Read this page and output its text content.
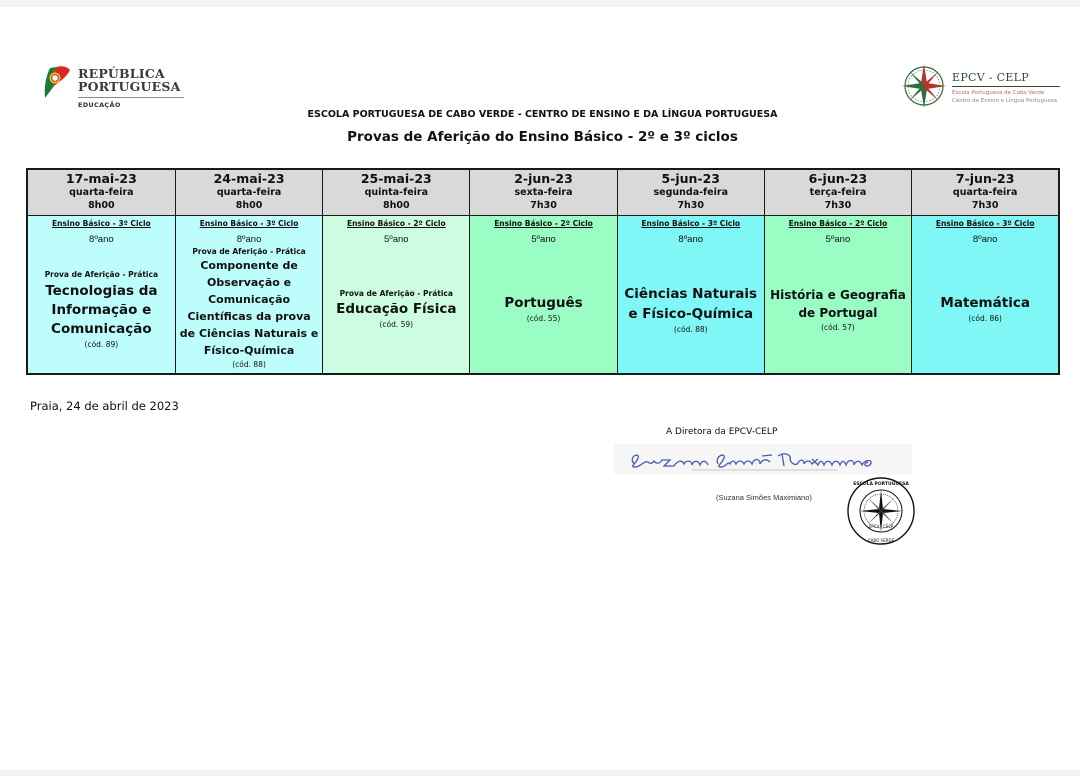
REPÚBLICA
PORTUGUESA
EDUCAÇÃO
EPCV - CELP
Escola Portuguesa de Cabo Verde
Centro de Ensino e Língua Portuguesa
ESCOLA PORTUGUESA DE CABO VERDE - CENTRO DE ENSINO E DA LÍNGUA PORTUGUESA
Provas de Aferição do Ensino Básico - 2º e 3º ciclos
17-mai-23
quarta-feira
8h00
Ensino Básico - 3º Ciclo
8ºano
Prova de Aferição - Prática
Tecnologias da Informação e Comunicação
(cód. 89)
24-mai-23
quarta-feira
8h00
Ensino Básico - 3º Ciclo
8ºano
Prova de Aferição - Prática
Componente de Observação e Comunicação Científicas da prova de Ciências Naturais e Físico-Química
(cód. 88)
25-mai-23
quinta-feira
8h00
Ensino Básico - 2º Ciclo
5ºano
Prova de Aferição - Prática
Educação Física
(cód. 59)
2-jun-23
sexta-feira
7h30
Ensino Básico - 2º Ciclo
5ºano
Português
(cód. 55)
5-jun-23
segunda-feira
7h30
Ensino Básico - 3º Ciclo
8ºano
Ciências Naturais e Físico-Química
(cód. 88)
6-jun-23
terça-feira
7h30
Ensino Básico - 2º Ciclo
5ºano
História e Geografia de Portugal
(cód. 57)
7-jun-23
quarta-feira
7h30
Ensino Básico - 3º Ciclo
8ºano
Matemática
(cód. 86)
Praia, 24 de abril de 2023
A Diretora da EPCV-CELP
(Suzana Simões Maximiano)
ESCOLA PORTUGUESA
CABO VERDE
EPCV · CELP
